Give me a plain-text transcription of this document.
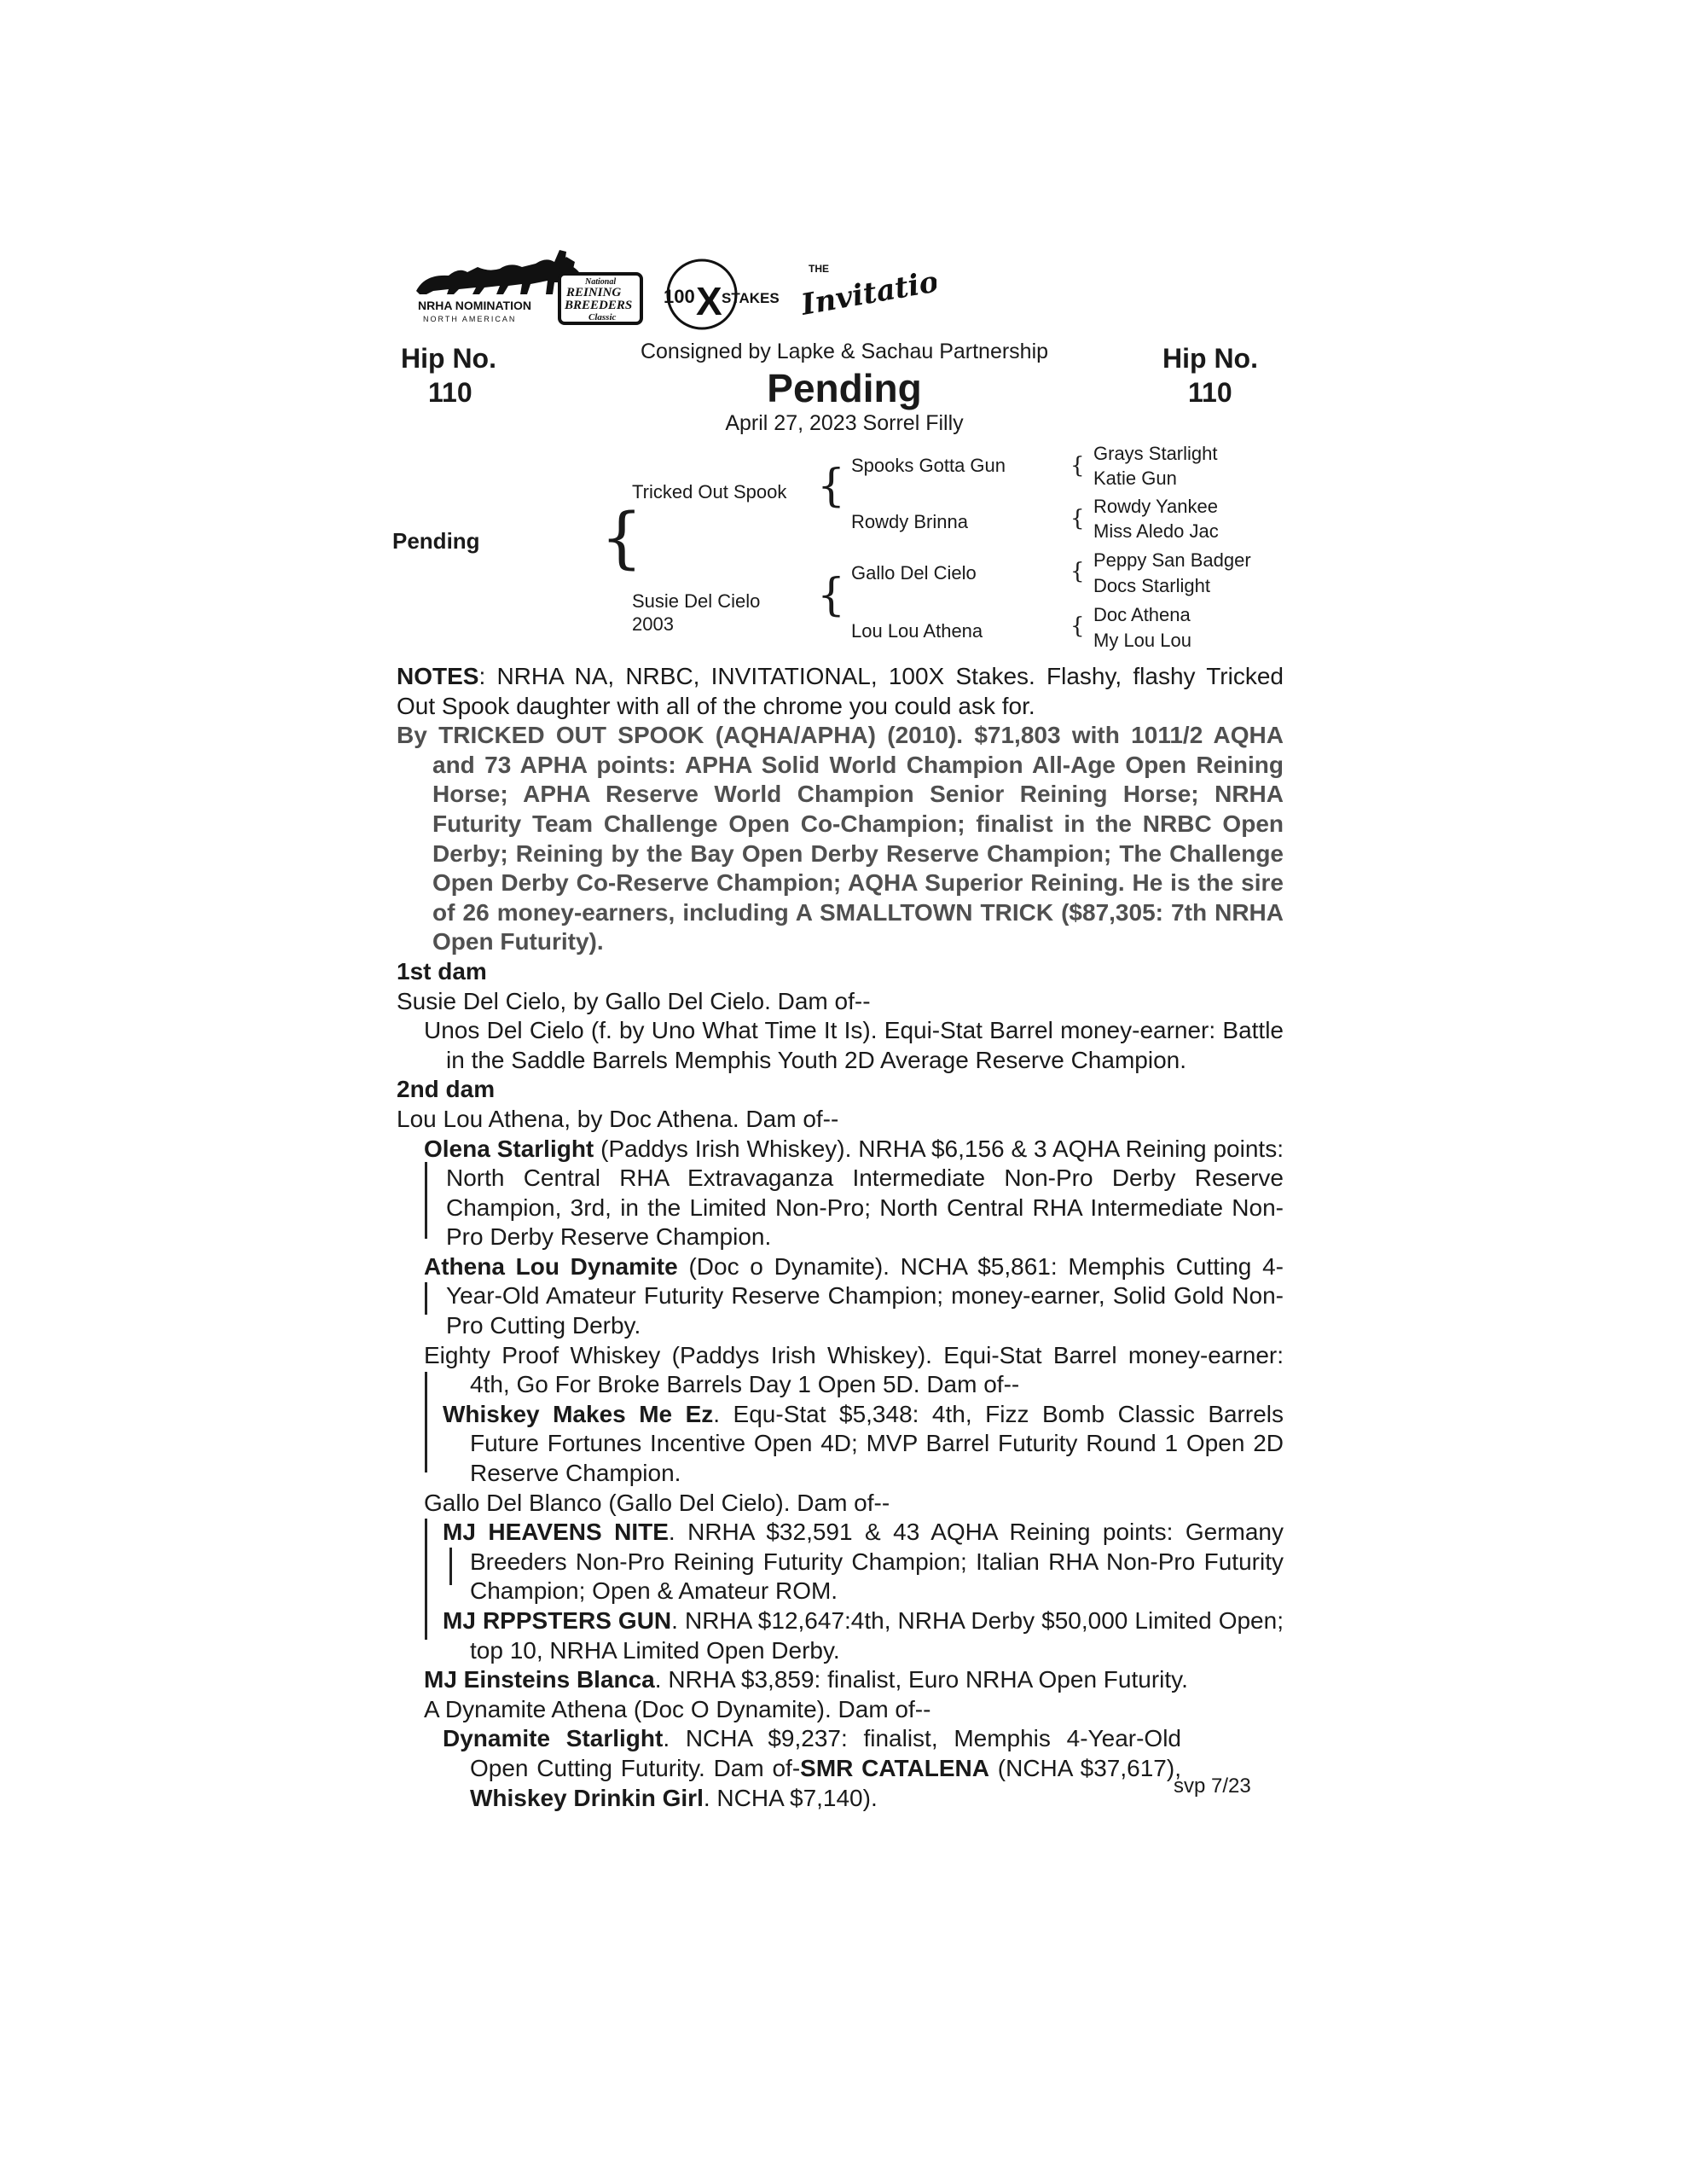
NRHA NOMINATION
NORTH AMERICAN
National
REINING
BREEDERS
Classic
100 X STAKES
THE
Invitational
Hip No.
110
Hip No.
110
Consigned by Lapke & Sachau Partnership
Pending
April 27, 2023 Sorrel Filly
Pending {
Tricked Out Spook
Susie Del Cielo
2003
{
{
Spooks Gotta Gun
Rowdy Brinna
Gallo Del Cielo
Lou Lou Athena
{
{
{
{
Grays Starlight
Katie Gun
Rowdy Yankee
Miss Aledo Jac
Peppy San Badger
Docs Starlight
Doc Athena
My Lou Lou

NOTES: NRHA NA, NRBC, INVITATIONAL, 100X Stakes. Flashy, flashy Tricked Out Spook daughter with all of the chrome you could ask for.

By TRICKED OUT SPOOK (AQHA/APHA) (2010). $71,803 with 1011/2 AQHA and 73 APHA points: APHA Solid World Champion All-Age Open Reining Horse; APHA Reserve World Champion Senior Reining Horse; NRHA Futurity Team Challenge Open Co-Champion; finalist in the NRBC Open Derby; Reining by the Bay Open Derby Reserve Champion; The Challenge Open Derby Co-Reserve Champion; AQHA Superior Reining. He is the sire of 26 money-earners, including A SMALLTOWN TRICK ($87,305: 7th NRHA Open Futurity).

1st dam

Susie Del Cielo, by Gallo Del Cielo. Dam of--

Unos Del Cielo (f. by Uno What Time It Is). Equi-Stat Barrel money-earner: Battle in the Saddle Barrels Memphis Youth 2D Average Reserve Champion.

2nd dam

Lou Lou Athena, by Doc Athena. Dam of--

Olena Starlight (Paddys Irish Whiskey). NRHA $6,156 & 3 AQHA Reining points: North Central RHA Extravaganza Intermediate Non-Pro Derby Reserve Champion, 3rd, in the Limited Non-Pro; North Central RHA Intermediate Non-Pro Derby Reserve Champion.

Athena Lou Dynamite (Doc o Dynamite). NCHA $5,861: Memphis Cutting 4-Year-Old Amateur Futurity Reserve Champion; money-earner, Solid Gold Non-Pro Cutting Derby.

Eighty Proof Whiskey (Paddys Irish Whiskey). Equi-Stat Barrel money-earner: 4th, Go For Broke Barrels Day 1 Open 5D. Dam of--

Whiskey Makes Me Ez. Equ-Stat $5,348: 4th, Fizz Bomb Classic Barrels Future Fortunes Incentive Open 4D; MVP Barrel Futurity Round 1 Open 2D Reserve Champion.

Gallo Del Blanco (Gallo Del Cielo). Dam of--

MJ HEAVENS NITE. NRHA $32,591 & 43 AQHA Reining points: Germany Breeders Non-Pro Reining Futurity Champion; Italian RHA Non-Pro Futurity Champion; Open & Amateur ROM.

MJ RPPSTERS GUN. NRHA $12,647:4th, NRHA Derby $50,000 Limited Open; top 10, NRHA Limited Open Derby.

MJ Einsteins Blanca. NRHA $3,859: finalist, Euro NRHA Open Futurity.

A Dynamite Athena (Doc O Dynamite). Dam of--

Dynamite Starlight. NCHA $9,237: finalist, Memphis 4-Year-Old Open Cutting Futurity. Dam of-SMR CATALENA (NCHA $37,617), Whiskey Drinkin Girl. NCHA $7,140).	svp 7/23
